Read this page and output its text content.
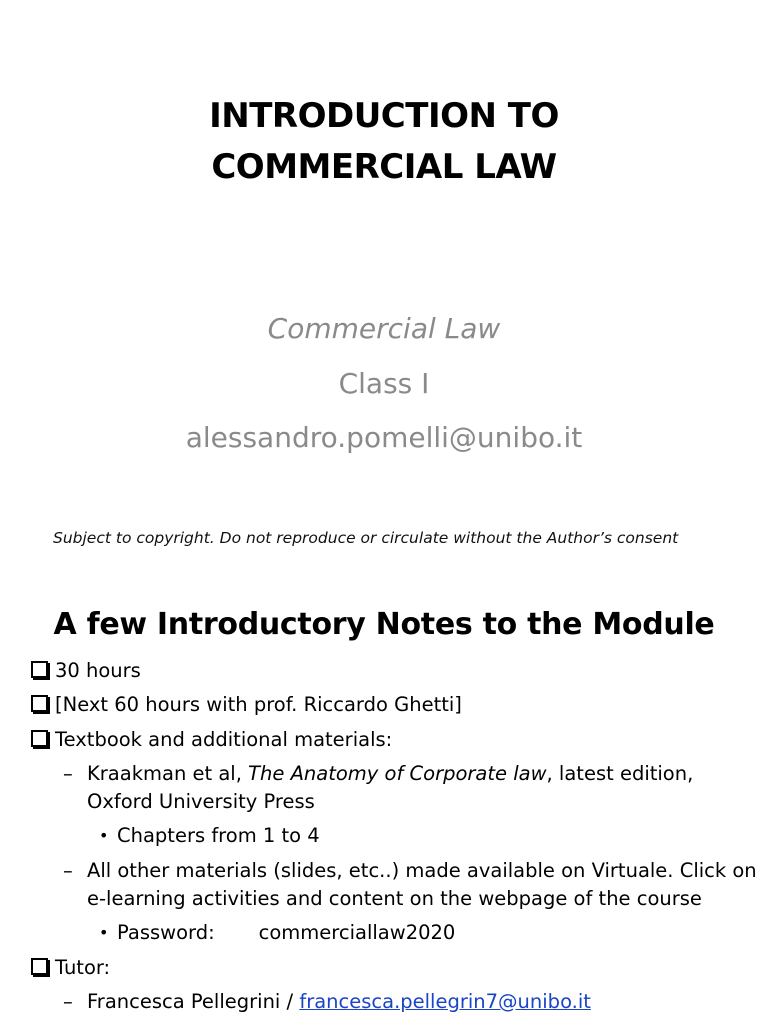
INTRODUCTION TO
COMMERCIAL LAW
Commercial Law
Class I
alessandro.pomelli@unibo.it
Subject to copyright. Do not reproduce or circulate without the Author’s consent
A few Introductory Notes to the Module
30 hours
[Next 60 hours with prof. Riccardo Ghetti]
Textbook and additional materials:
– Kraakman et al, The Anatomy of Corporate law, latest edition,
Oxford University Press
• Chapters from 1 to 4
– All other materials (slides, etc..) made available on Virtuale. Click on
e-learning activities and content on the webpage of the course
• Password: commerciallaw2020
Tutor:
– Francesca Pellegrini / francesca.pellegrin7@unibo.it
